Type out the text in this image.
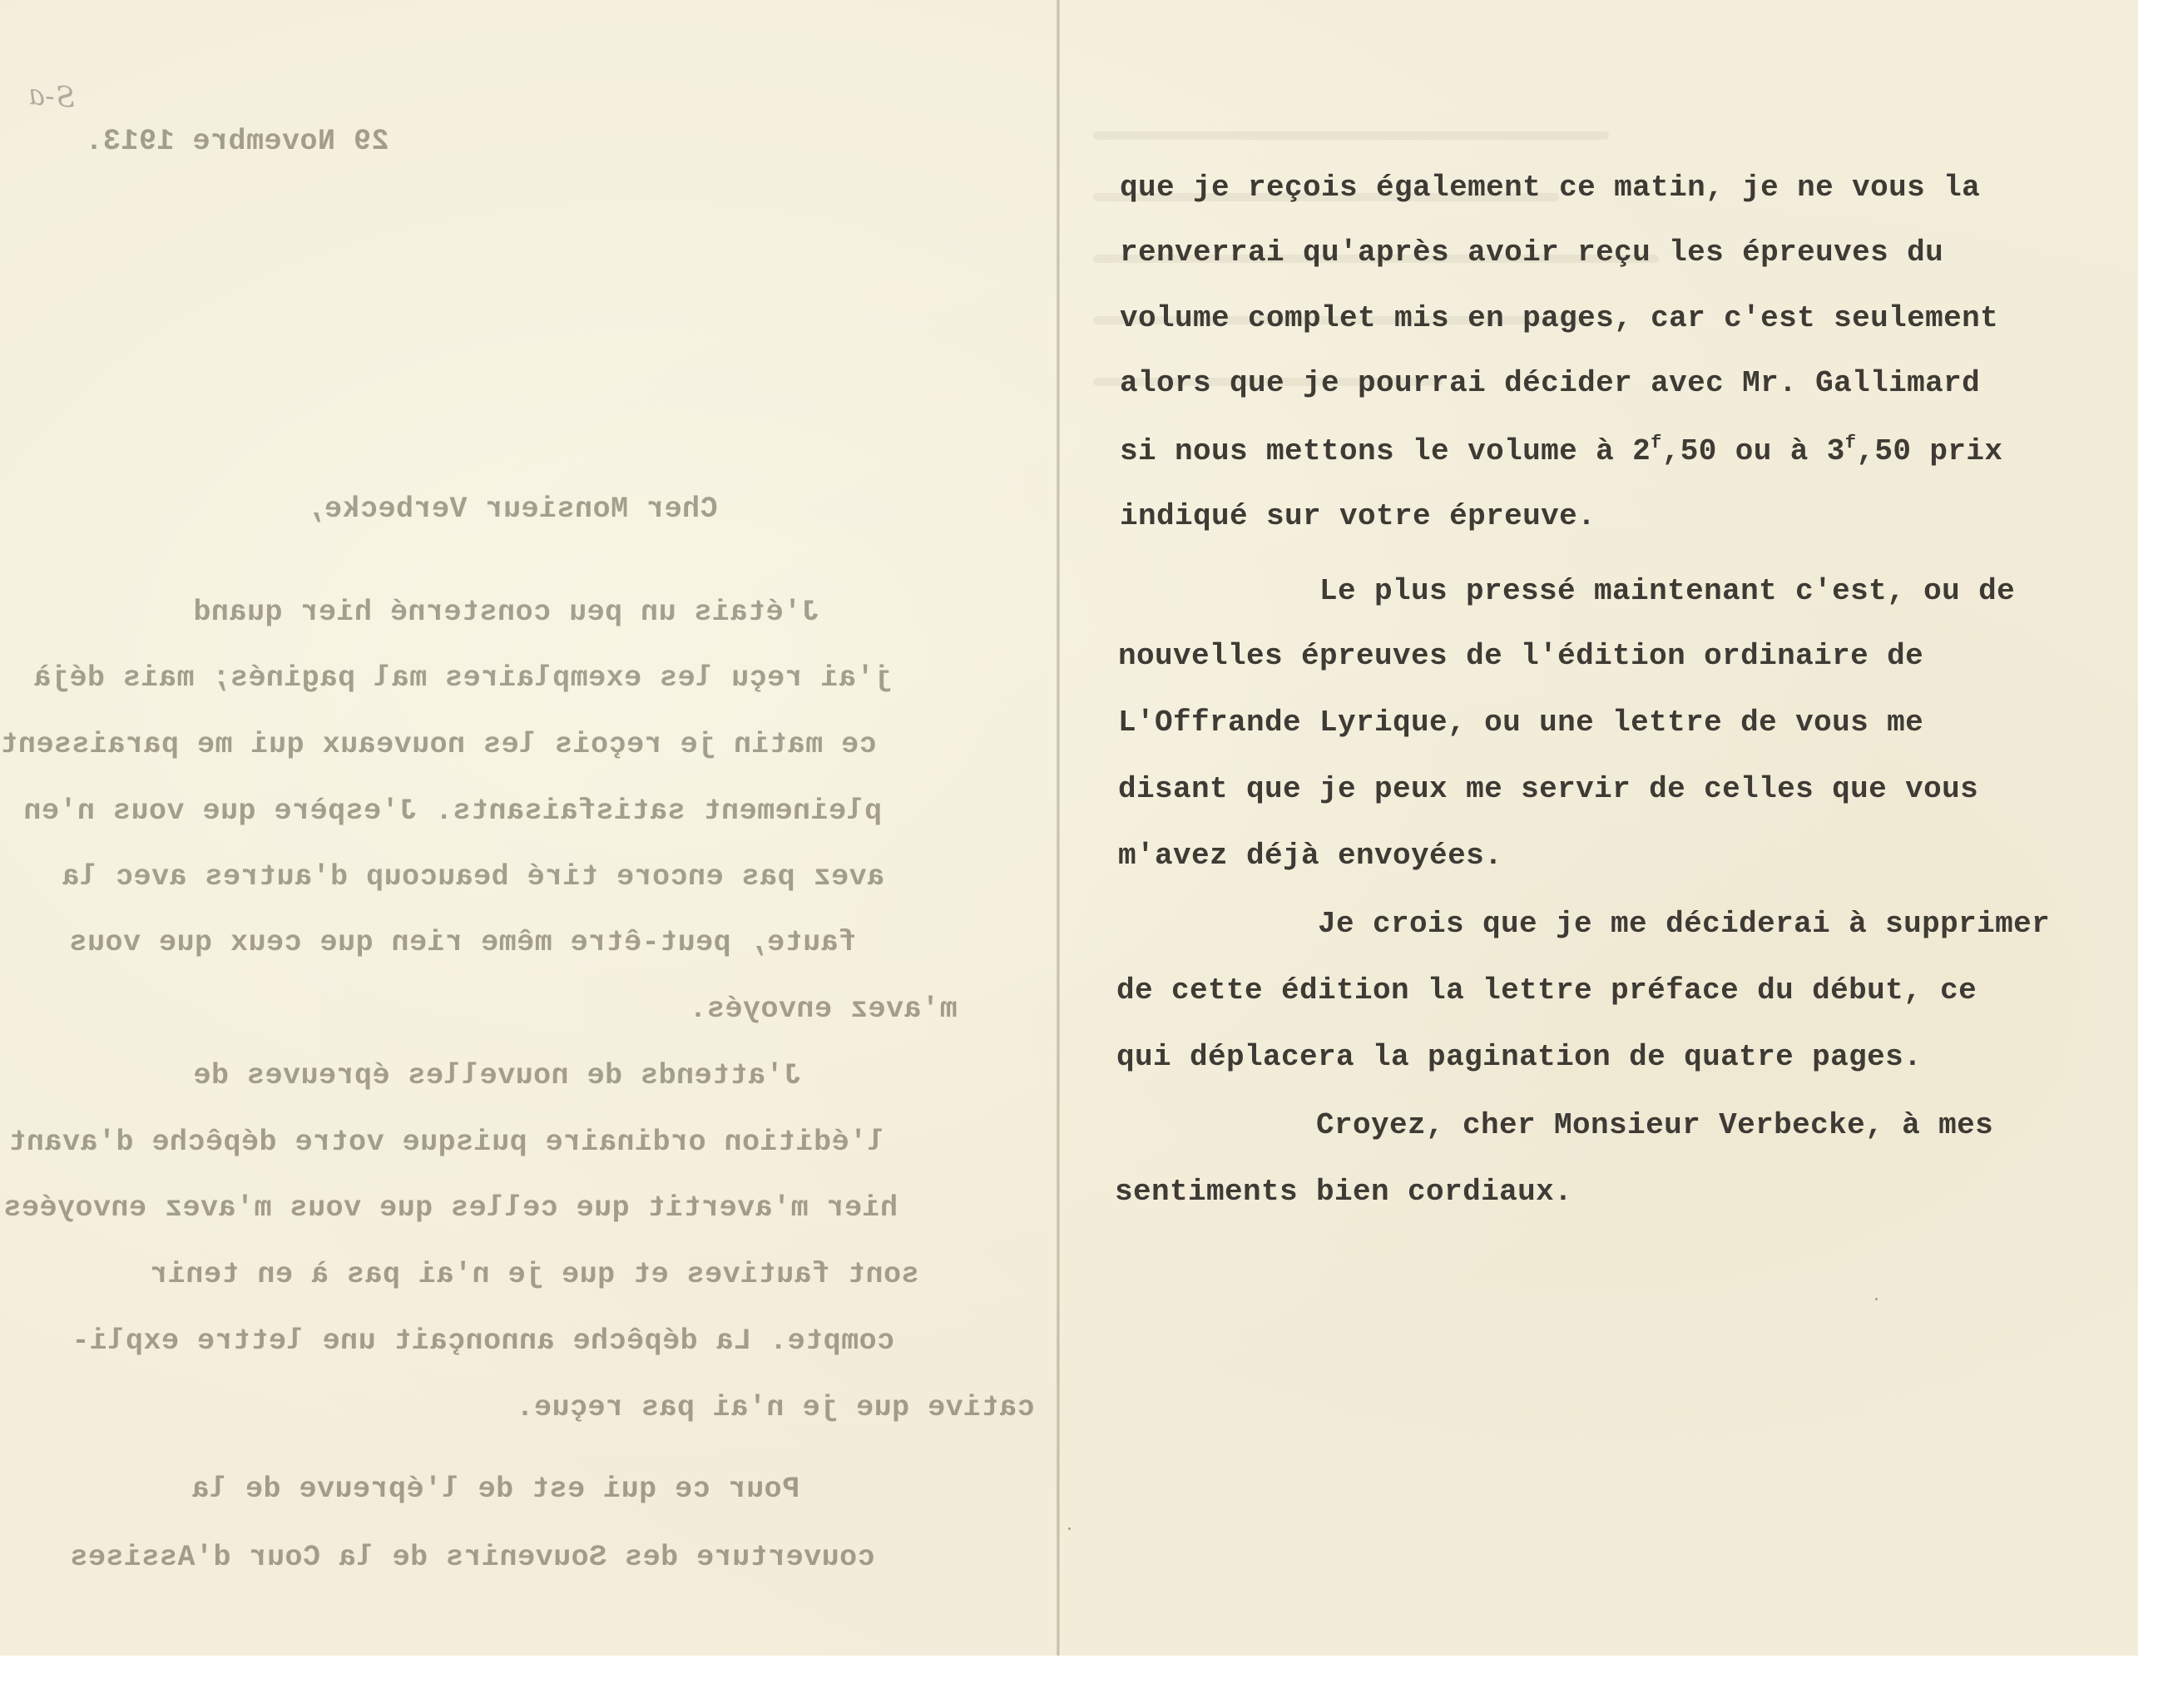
S-a
29 Novembre 1913.
Cher Monsieur Verbecke,
J'étais un peu consterné hier quand
j'ai reçu les exemplaires mal paginés; mais déjà
ce matin je reçois les nouveaux qui me paraissent
pleinement satisfaisants. J'espère que vous n'en
avez pas encore tiré beaucoup d'autres avec la
faute, peut-être même rien que ceux que vous
m'avez envoyés.
J'attends de nouvelles épreuves de
l'édition ordinaire puisque votre dépêche d'avant
hier m'avertit que celles que vous m'avez envoyées
sont fautives et que je n'ai pas à en tenir
compte. La dépêche annonçait une lettre expli-
cative que je n'ai pas reçue.
Pour ce qui est de l'épreuve de la
couverture des Souvenirs de la Cour d'Assises
que je reçois également ce matin, je ne vous la
renverrai qu'après avoir reçu les épreuves du
volume complet mis en pages, car c'est seulement
alors que je pourrai décider avec Mr. Gallimard
si nous mettons le volume à 2$^f$,50 ou à 3$^f$,50 prix
indiqué sur votre épreuve.
Le plus pressé maintenant c'est, ou de
nouvelles épreuves de l'édition ordinaire de
L'Offrande Lyrique, ou une lettre de vous me
disant que je peux me servir de celles que vous
m'avez déjà envoyées.
Je crois que je me déciderai à supprimer
de cette édition la lettre préface du début, ce
qui déplacera la pagination de quatre pages.
Croyez, cher Monsieur Verbecke, à mes
sentiments bien cordiaux.
